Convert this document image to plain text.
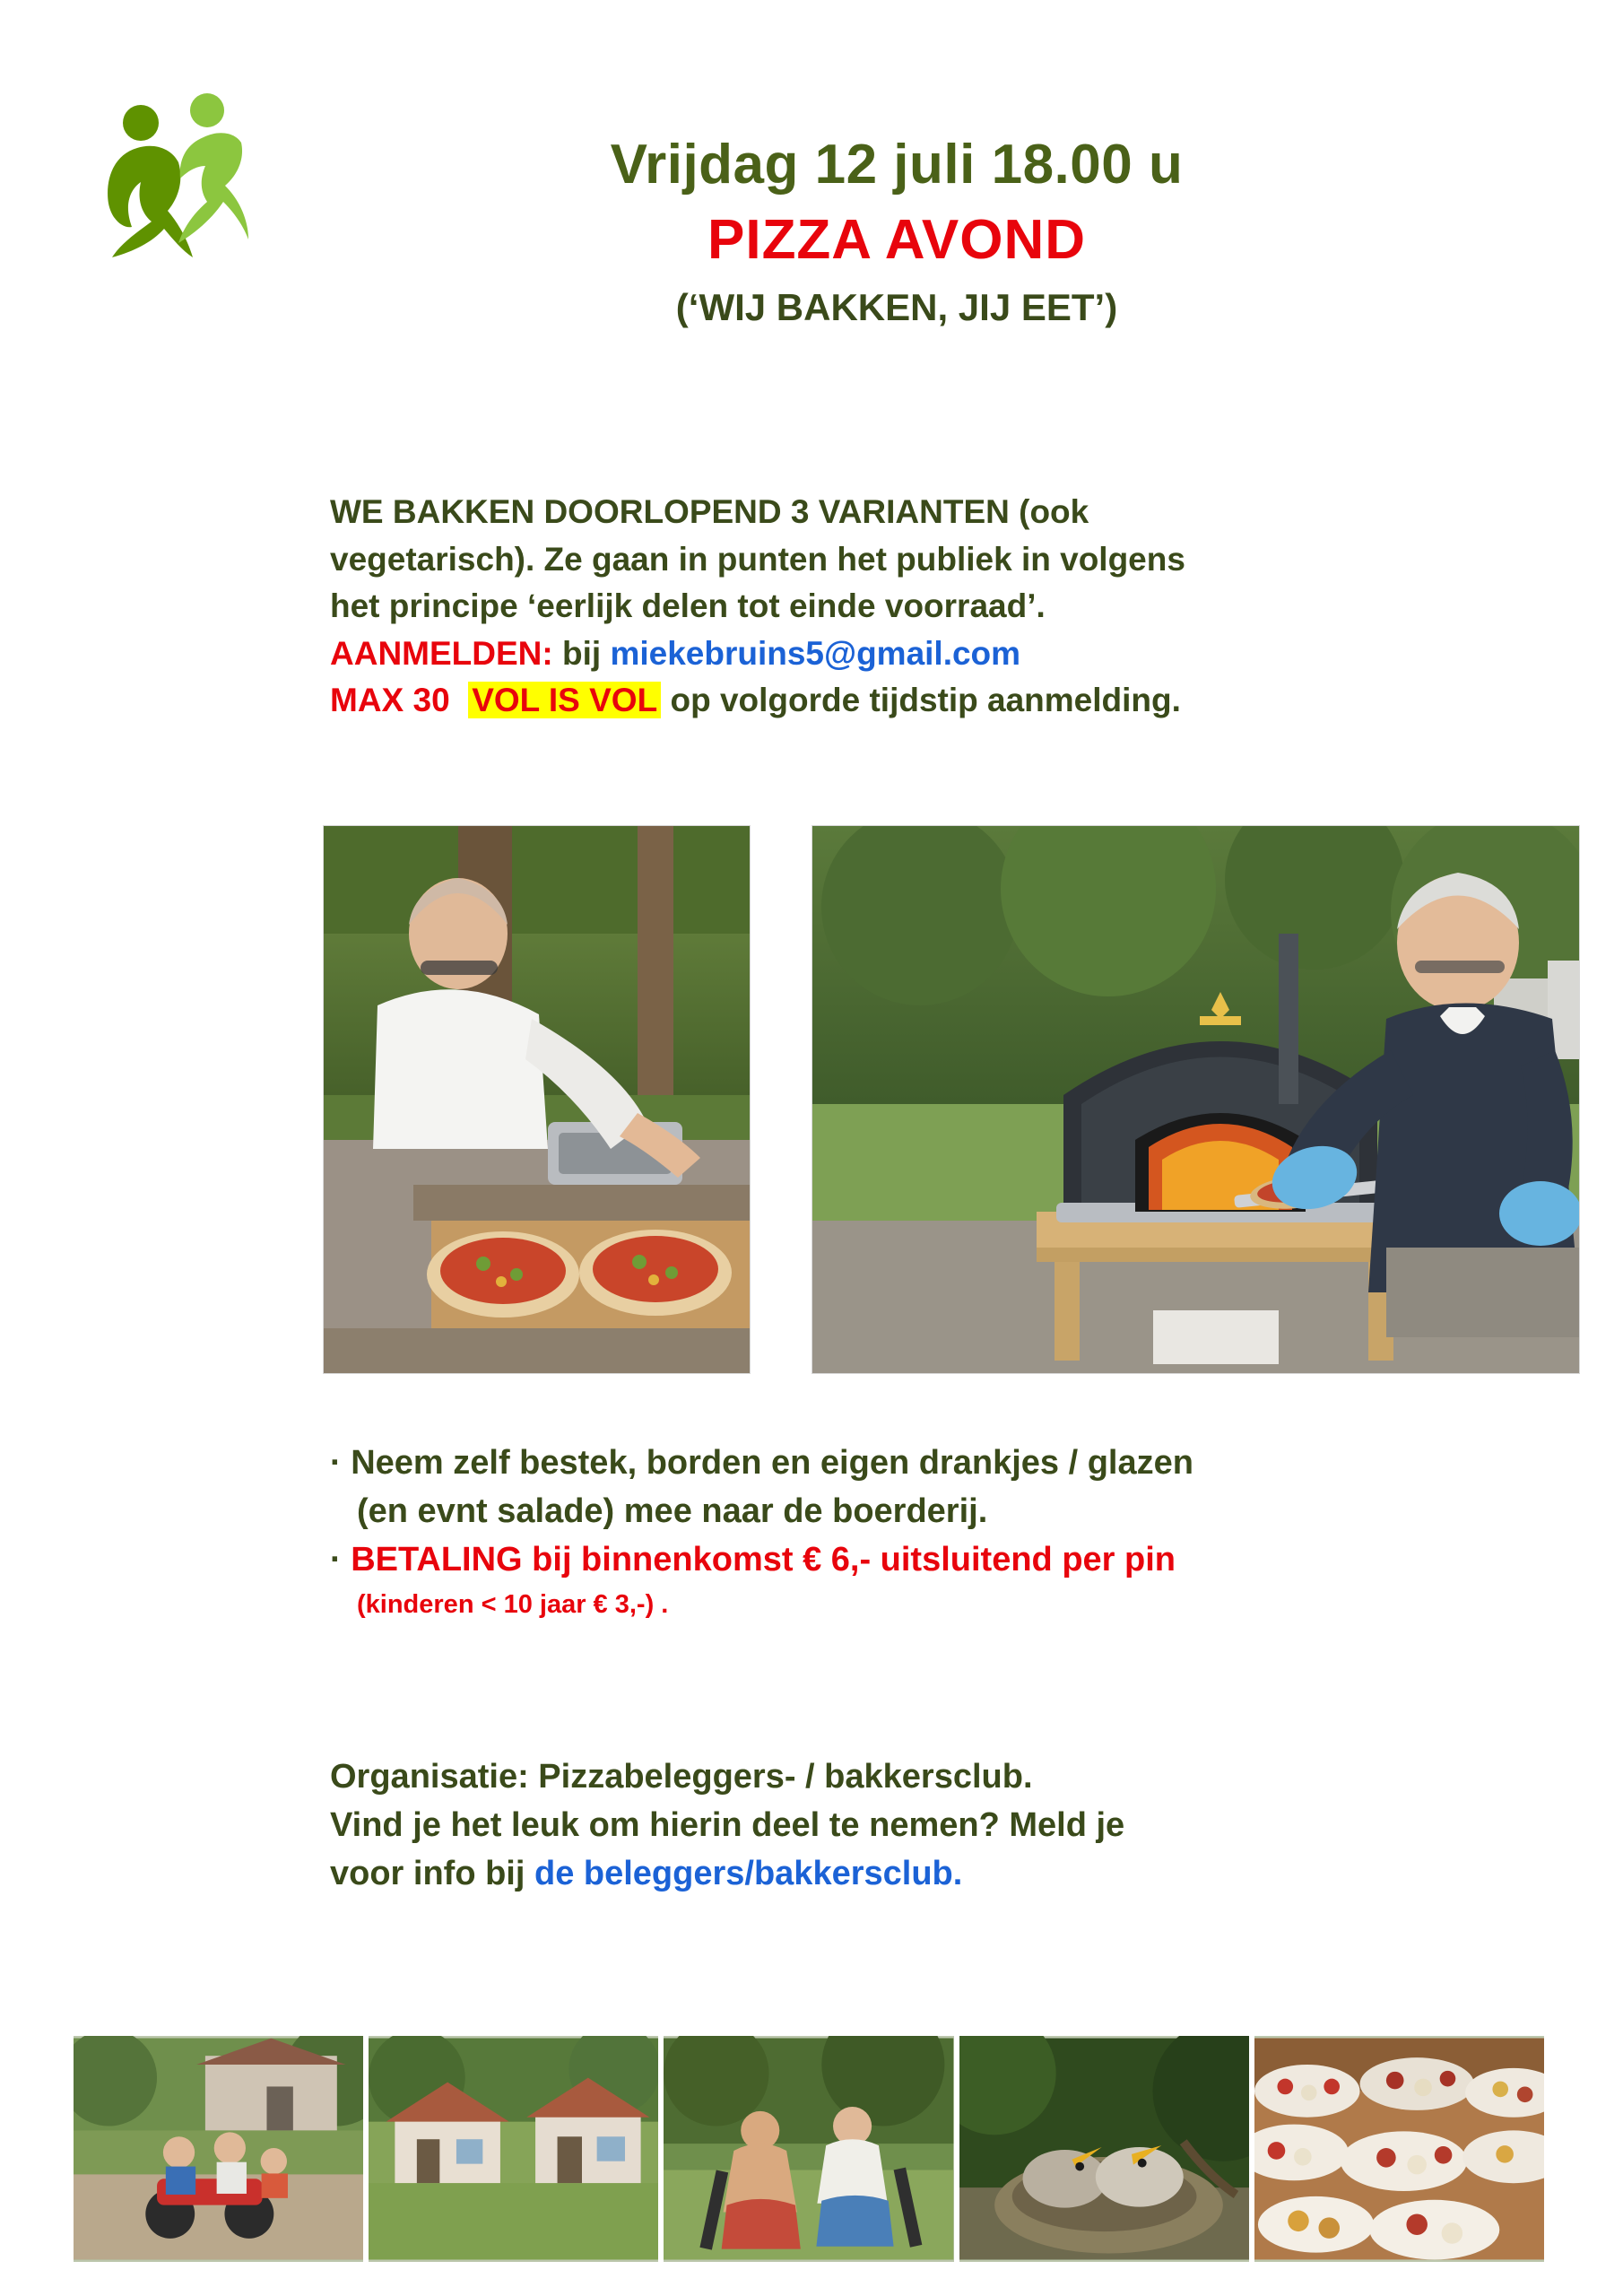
Vrijdag 12 juli 18.00 u
PIZZA AVOND
(‘WIJ BAKKEN, JIJ EET’)
WE BAKKEN DOORLOPEND 3 VARIANTEN (ook
vegetarisch). Ze gaan in punten het publiek in volgens
het principe ‘eerlijk delen tot einde voorraad’.
AANMELDEN: bij miekebruins5@gmail.com
MAX 30 VOL IS VOL op volgorde tijdstip aanmelding.
· Neem zelf bestek, borden en eigen drankjes / glazen
(en evnt salade) mee naar de boerderij.
· BETALING bij binnenkomst € 6,- uitsluitend per pin
(kinderen < 10 jaar € 3,-) .
Organisatie: Pizzabeleggers- / bakkersclub.
Vind je het leuk om hierin deel te nemen? Meld je
voor info bij de beleggers/bakkersclub.
